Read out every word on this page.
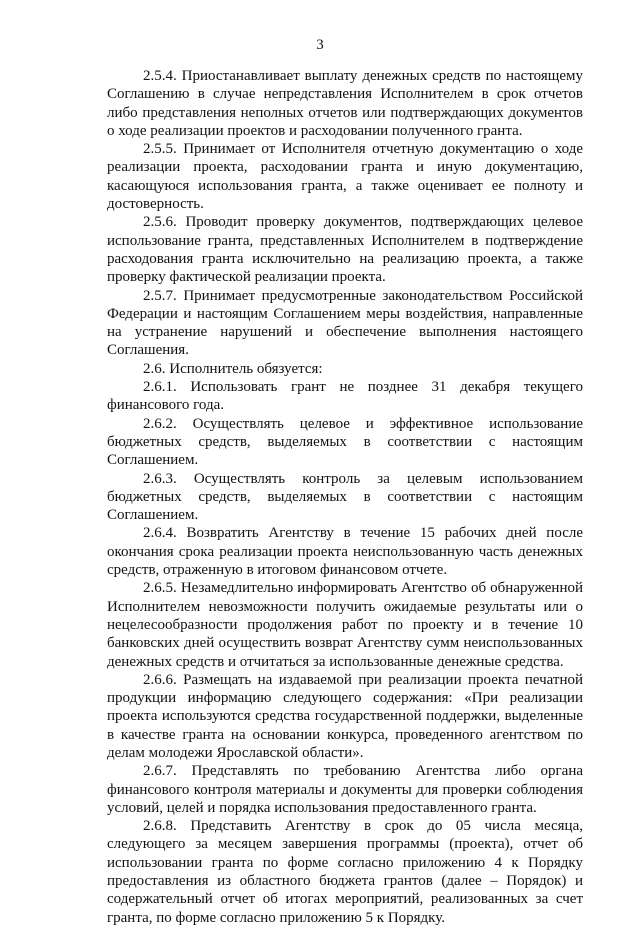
3

2.5.4. Приостанавливает выплату денежных средств по настоящему Соглашению в случае непредставления Исполнителем в срок отчетов либо представления неполных отчетов или подтверждающих документов о ходе реализации проектов и расходовании полученного гранта.

2.5.5. Принимает от Исполнителя отчетную документацию о ходе реализации проекта, расходовании гранта и иную документацию, касающуюся использования гранта, а также оценивает ее полноту и достоверность.

2.5.6. Проводит проверку документов, подтверждающих целевое использование гранта, представленных Исполнителем в подтверждение расходования гранта исключительно на реализацию проекта, а также проверку фактической реализации проекта.

2.5.7. Принимает предусмотренные законодательством Российской Федерации и настоящим Соглашением меры воздействия, направленные на устранение нарушений и обеспечение выполнения настоящего Соглашения.

2.6. Исполнитель обязуется:

2.6.1. Использовать грант не позднее 31 декабря текущего финансового года.

2.6.2. Осуществлять целевое и эффективное использование бюджетных средств, выделяемых в соответствии с настоящим Соглашением.

2.6.3. Осуществлять контроль за целевым использованием бюджетных средств, выделяемых в соответствии с настоящим Соглашением.

2.6.4. Возвратить Агентству в течение 15 рабочих дней после окончания срока реализации проекта неиспользованную часть денежных средств, отраженную в итоговом финансовом отчете.

2.6.5. Незамедлительно информировать Агентство об обнаруженной Исполнителем невозможности получить ожидаемые результаты или о нецелесообразности продолжения работ по проекту и в течение 10 банковских дней осуществить возврат Агентству сумм неиспользованных денежных средств и отчитаться за использованные денежные средства.

2.6.6. Размещать на издаваемой при реализации проекта печатной продукции информацию следующего содержания: «При реализации проекта используются средства государственной поддержки, выделенные в качестве гранта на основании конкурса, проведенного агентством по делам молодежи Ярославской области».

2.6.7. Представлять по требованию Агентства либо органа финансового контроля материалы и документы для проверки соблюдения условий, целей и порядка использования предоставленного гранта.

2.6.8. Представить Агентству в срок до 05 числа месяца, следующего за месяцем завершения программы (проекта), отчет об использовании гранта по форме согласно приложению 4 к Порядку предоставления из областного бюджета грантов (далее – Порядок) и содержательный отчет об итогах мероприятий, реализованных за счет гранта, по форме согласно приложению 5 к Порядку.
